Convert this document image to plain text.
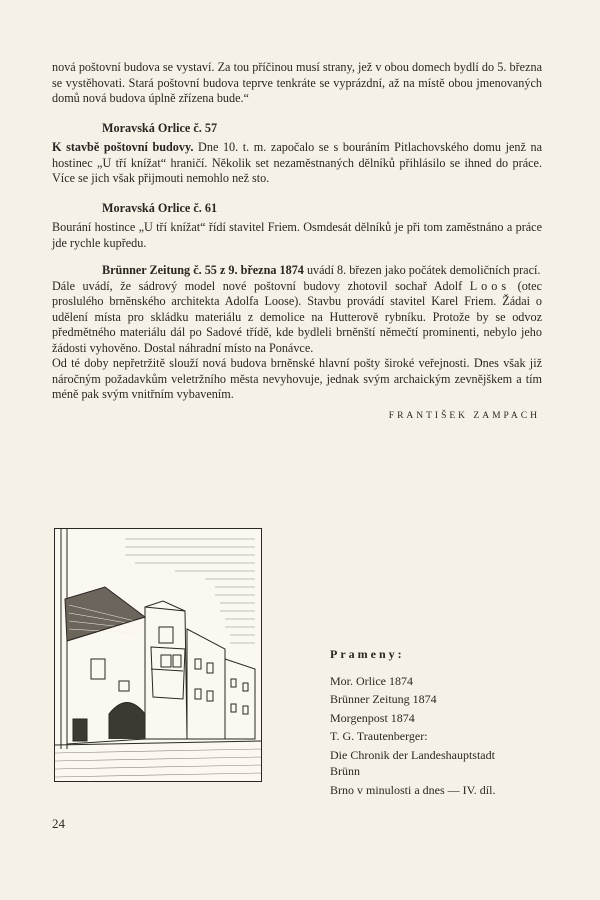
nová poštovní budova se vystaví. Za tou příčinou musí strany, jež v obou domech bydlí do 5. března se vystěhovati. Stará poštovní budova teprve tenkráte se vyprázdní, až na místě obou jmenovaných domů nová budova úplně zřízena bude.“

Moravská Orlice č. 57

K stavbě poštovní budovy. Dne 10. t. m. započalo se s bouráním Pitlachovského domu jenž na hostinec „U tří knížat“ hraničí. Několik set nezaměstnaných dělníků přihlásilo se ihned do práce. Více se jich však přijmouti nemohlo než sto.

Moravská Orlice č. 61

Bourání hostince „U tří knížat“ řídí stavitel Friem. Osmdesát dělníků je při tom zaměstnáno a práce jde rychle kupředu.

Brünner Zeitung č. 55 z 9. března 1874 uvádí 8. březen jako počátek demoličních prací.

Dále uvádí, že sádrový model nové poštovní budovy zhotovil sochař Adolf Loos (otec proslulého brněnského architekta Adolfa Loose). Stavbu provádí stavitel Karel Friem. Žádai o udělení místa pro skládku materiálu z demolice na Hutterově rybníku. Protože by se odvoz předmětného materiálu dál po Sadové třídě, kde bydleli brněnští němečtí prominenti, nebylo jeho žádosti vyhověno. Dostal náhradní místo na Ponávce.

Od té doby nepřetržitě slouží nová budova brněnské hlavní pošty široké veřejnosti. Dnes však již náročným požadavkům veletržního města nevyhovuje, jednak svým archaickým zevnějškem a tím méně pak svým vnitřním vybavením.

FRANTIŠEK ZAMPACH

Prameny:
Mor. Orlice 1874
Brünner Zeitung 1874
Morgenpost 1874
T. G. Trautenberger:
Die Chronik der Landeshauptstadt
Brünn
Brno v minulosti a dnes — IV. díl.
24
